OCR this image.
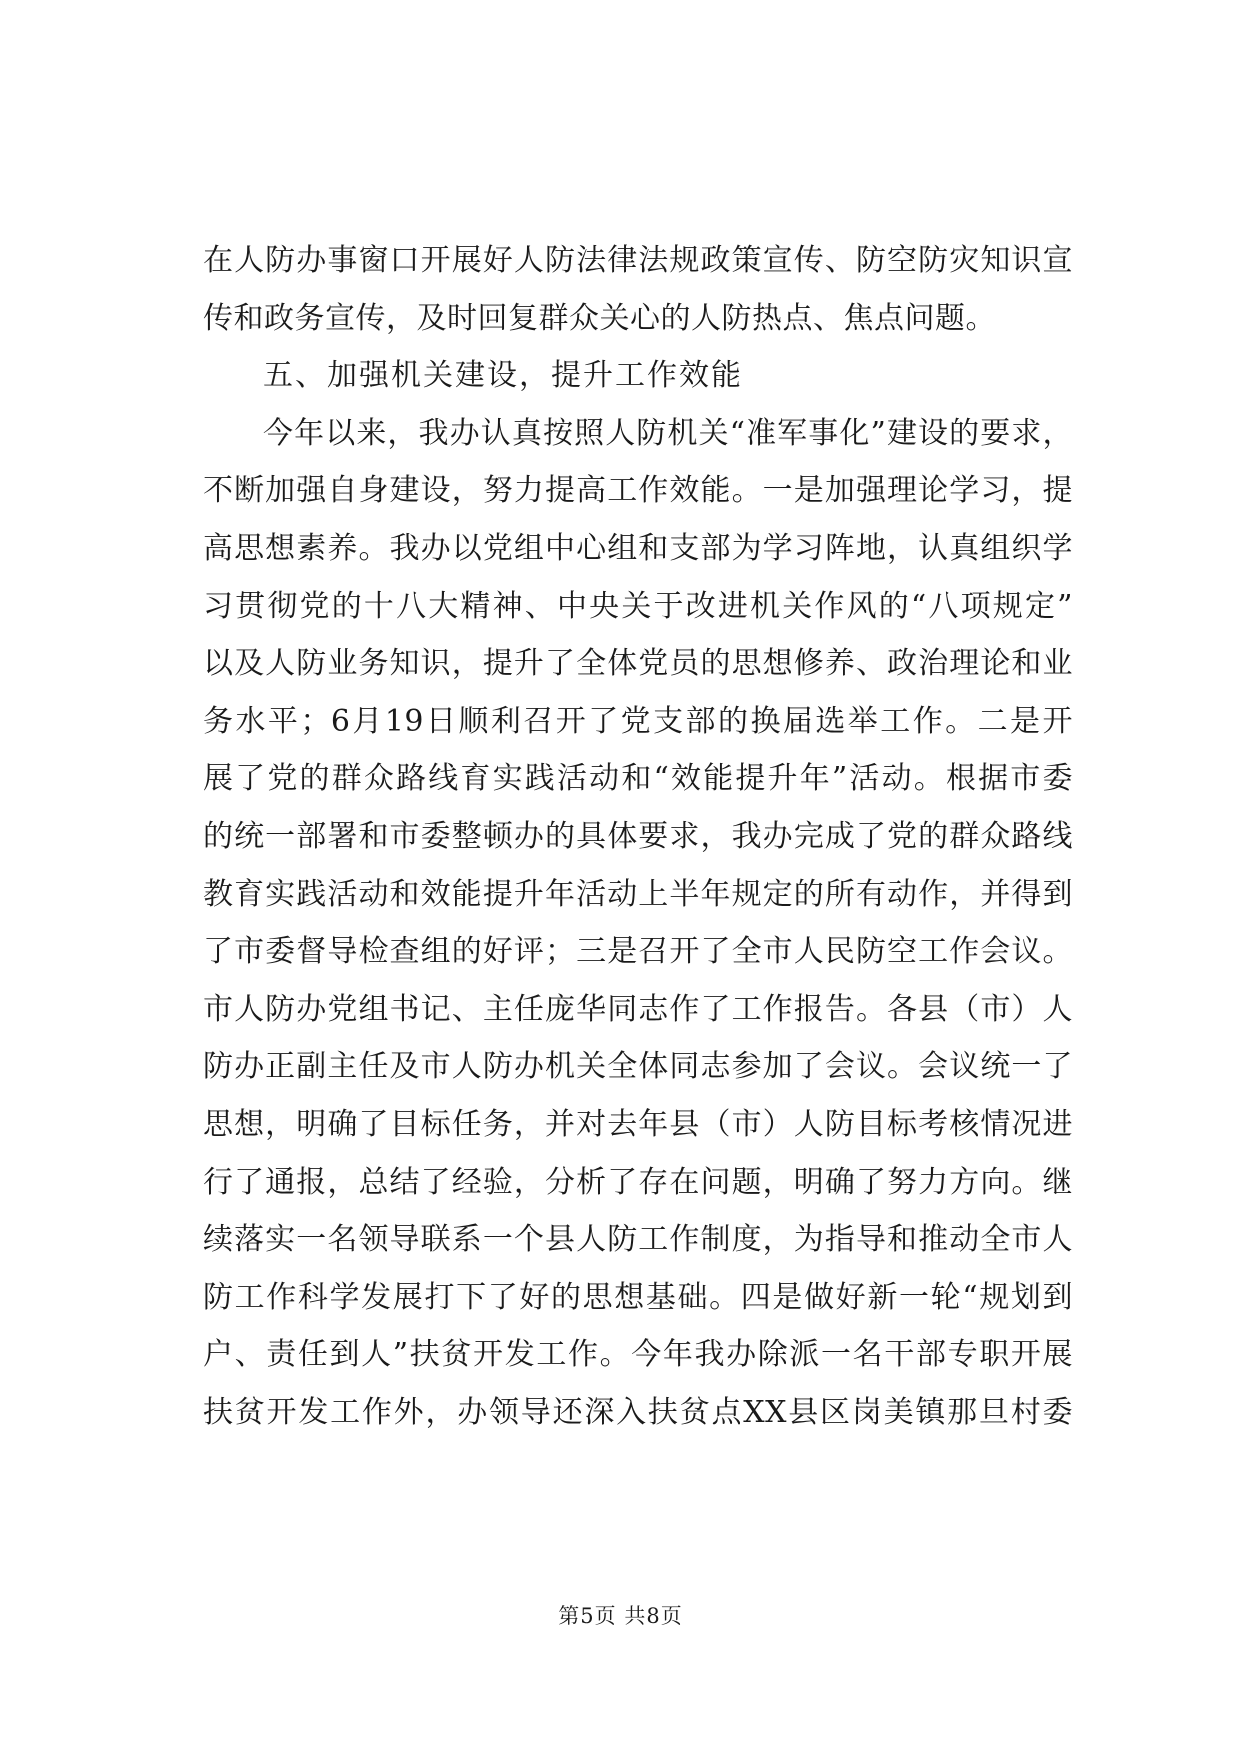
在人防办事窗口开展好人防法律法规政策宣传、防空防灾知识宣
传和政务宣传，及时回复群众关心的人防热点、焦点问题。
五、加强机关建设，提升工作效能
今年以来，我办认真按照人防机关“准军事化”建设的要求，
不断加强自身建设，努力提高工作效能。一是加强理论学习，提
高思想素养。我办以党组中心组和支部为学习阵地，认真组织学
习贯彻党的十八大精神、中央关于改进机关作风的“八项规定”
以及人防业务知识，提升了全体党员的思想修养、政治理论和业
务水平；6月19日顺利召开了党支部的换届选举工作。二是开
展了党的群众路线育实践活动和“效能提升年”活动。根据市委
的统一部署和市委整顿办的具体要求，我办完成了党的群众路线
教育实践活动和效能提升年活动上半年规定的所有动作，并得到
了市委督导检查组的好评；三是召开了全市人民防空工作会议。
市人防办党组书记、主任庞华同志作了工作报告。各县（市）人
防办正副主任及市人防办机关全体同志参加了会议。会议统一了
思想，明确了目标任务，并对去年县（市）人防目标考核情况进
行了通报，总结了经验，分析了存在问题，明确了努力方向。继
续落实一名领导联系一个县人防工作制度，为指导和推动全市人
防工作科学发展打下了好的思想基础。四是做好新一轮“规划到
户、责任到人”扶贫开发工作。今年我办除派一名干部专职开展
扶贫开发工作外，办领导还深入扶贫点XX县区岗美镇那旦村委
第5页 共8页
